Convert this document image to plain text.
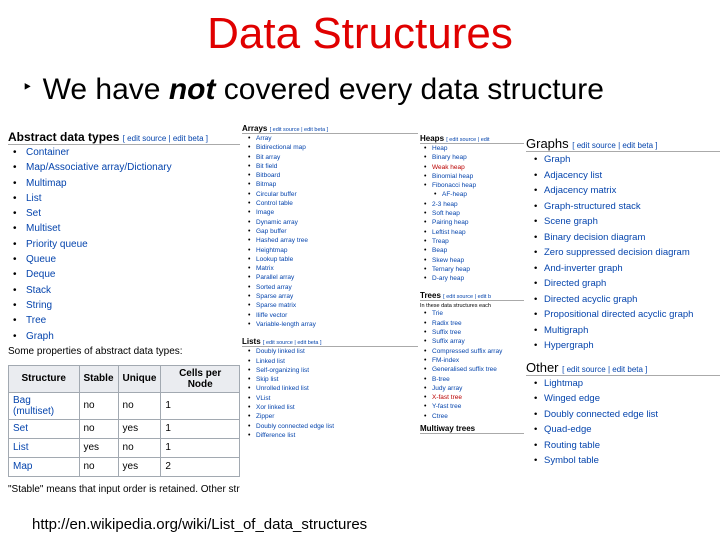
Data Structures
‣ We have not covered every data structure
Abstract data types [ edit source | edit beta ]
• Container
• Map/Associative array/Dictionary
• Multimap
• List
• Set
• Multiset
• Priority queue
• Queue
• Deque
• Stack
• String
• Tree
• Graph
Some properties of abstract data types:
Structure	Stable	Unique	Cells per Node
Bag (multiset)	no	no	1
Set	no	yes	1
List	yes	no	1
Map	no	yes	2
"Stable" means that input order is retained. Other str
Arrays [ edit source | edit beta ]
• Array
• Bidirectional map
• Bit array
• Bit field
• Bitboard
• Bitmap
• Circular buffer
• Control table
• Image
• Dynamic array
• Gap buffer
• Hashed array tree
• Heightmap
• Lookup table
• Matrix
• Parallel array
• Sorted array
• Sparse array
• Sparse matrix
• Iliffe vector
• Variable-length array
Lists [ edit source | edit beta ]
• Doubly linked list
• Linked list
• Self-organizing list
• Skip list
• Unrolled linked list
• VList
• Xor linked list
• Zipper
• Doubly connected edge list
• Difference list
Heaps [ edit source | edit
• Heap
• Binary heap
• Weak heap
• Binomial heap
• Fibonacci heap
• AF-heap
• 2-3 heap
• Soft heap
• Pairing heap
• Leftist heap
• Treap
• Beap
• Skew heap
• Ternary heap
• D-ary heap
Trees [ edit source | edit b
In these data structures each
• Trie
• Radix tree
• Suffix tree
• Suffix array
• Compressed suffix array
• FM-index
• Generalised suffix tree
• B-tree
• Judy array
• X-fast tree
• Y-fast tree
• Ctree
Multiway trees
Graphs [ edit source | edit beta ]
• Graph
• Adjacency list
• Adjacency matrix
• Graph-structured stack
• Scene graph
• Binary decision diagram
• Zero suppressed decision diagram
• And-inverter graph
• Directed graph
• Directed acyclic graph
• Propositional directed acyclic graph
• Multigraph
• Hypergraph
Other [ edit source | edit beta ]
• Lightmap
• Winged edge
• Doubly connected edge list
• Quad-edge
• Routing table
• Symbol table
http://en.wikipedia.org/wiki/List_of_data_structures
